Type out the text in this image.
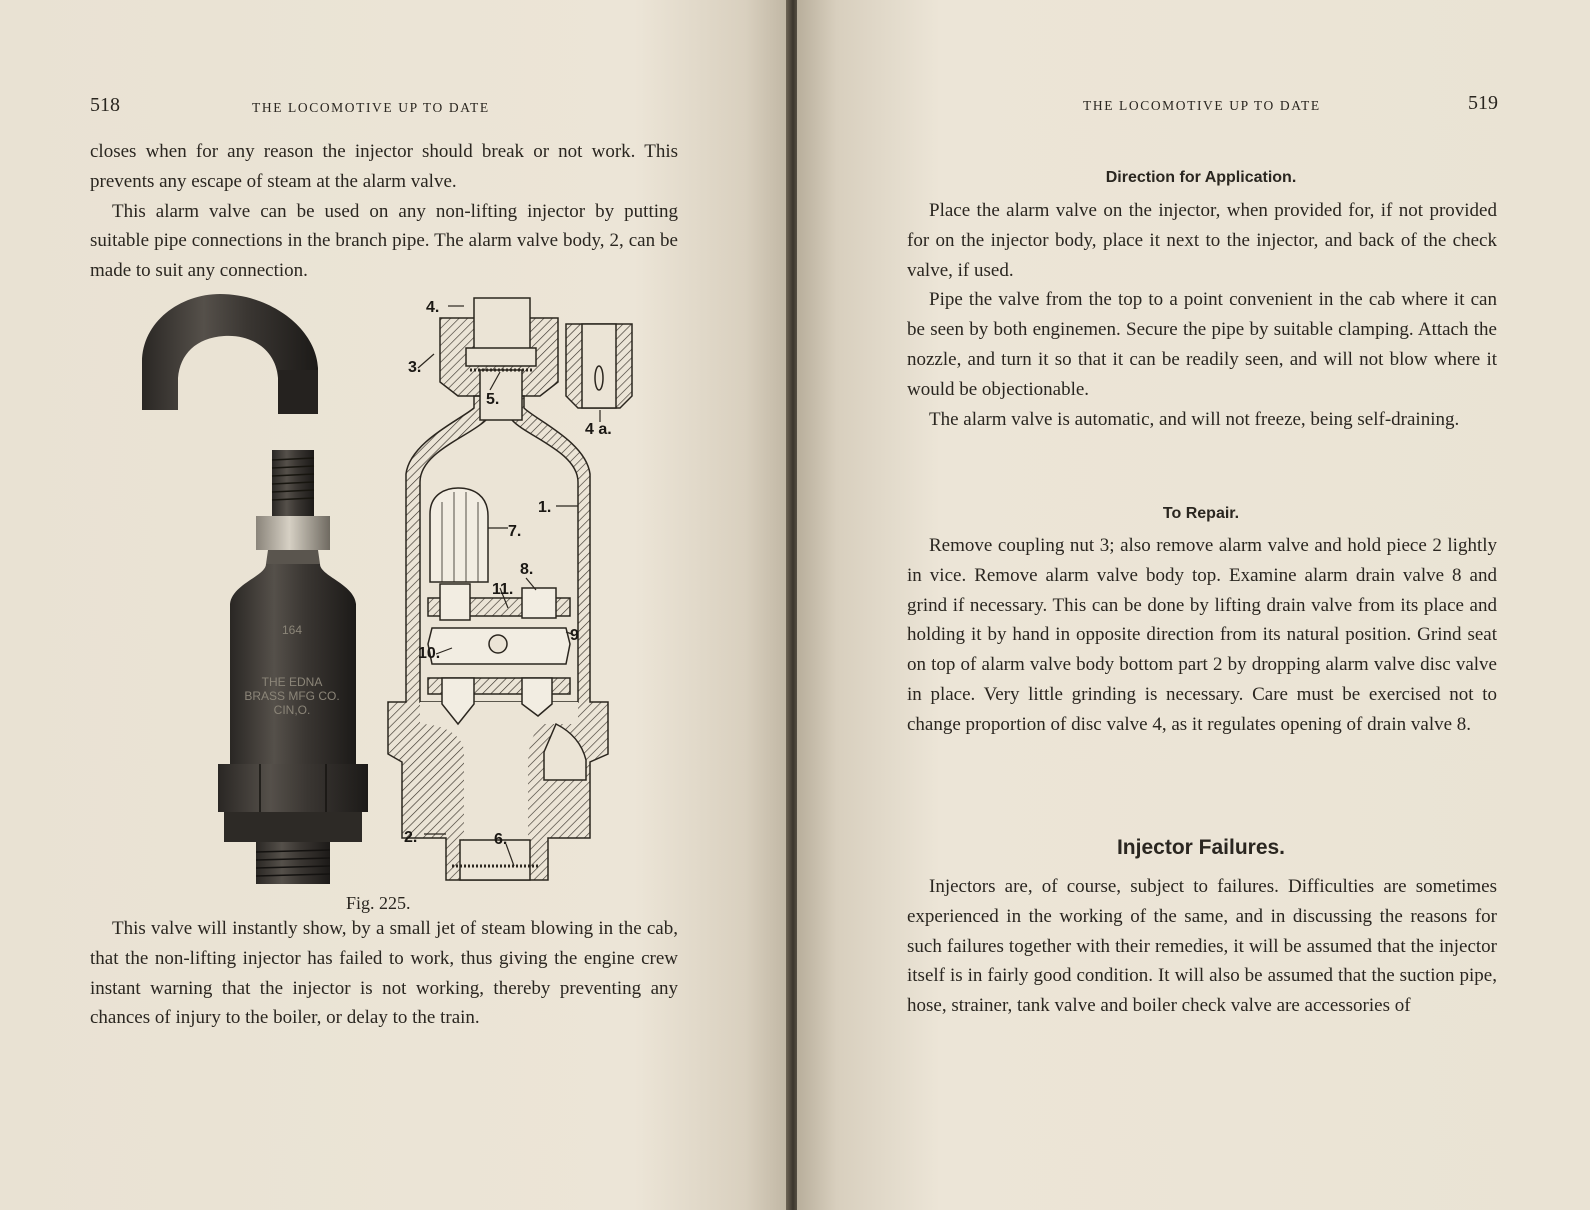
518	THE LOCOMOTIVE UP TO DATE

closes when for any reason the injector should break or not work. This prevents any escape of steam at the alarm valve.

This alarm valve can be used on any non-lifting injector by putting suitable pipe connections in the branch pipe. The alarm valve body, 2, can be made to suit any connection.

164
THE EDNA
BRASS MFG CO.
CIN,O.
4.
3.
5.
4 a.
1.
7.
8.
11.
9
10.
2.	6.
Fig. 225.

This valve will instantly show, by a small jet of steam blowing in the cab, that the non-lifting injector has failed to work, thus giving the engine crew instant warning that the injector is not working, thereby preventing any chances of injury to the boiler, or delay to the train.

THE LOCOMOTIVE UP TO DATE	519
Direction for Application.

Place the alarm valve on the injector, when provided for, if not provided for on the injector body, place it next to the injector, and back of the check valve, if used.

Pipe the valve from the top to a point convenient in the cab where it can be seen by both enginemen. Secure the pipe by suitable clamping. Attach the nozzle, and turn it so that it can be readily seen, and will not blow where it would be objectionable.

The alarm valve is automatic, and will not freeze, being self-draining.

To Repair.

Remove coupling nut 3; also remove alarm valve and hold piece 2 lightly in vice. Remove alarm valve body top. Examine alarm drain valve 8 and grind if necessary. This can be done by lifting drain valve from its place and holding it by hand in opposite direction from its natural position. Grind seat on top of alarm valve body bottom part 2 by dropping alarm valve disc valve in place. Very little grinding is necessary. Care must be exercised not to change proportion of disc valve 4, as it regulates opening of drain valve 8.

Injector Failures.

Injectors are, of course, subject to failures. Difficulties are sometimes experienced in the working of the same, and in discussing the reasons for such failures together with their remedies, it will be assumed that the injector itself is in fairly good condition. It will also be assumed that the suction pipe, hose, strainer, tank valve and boiler check valve are accessories of
